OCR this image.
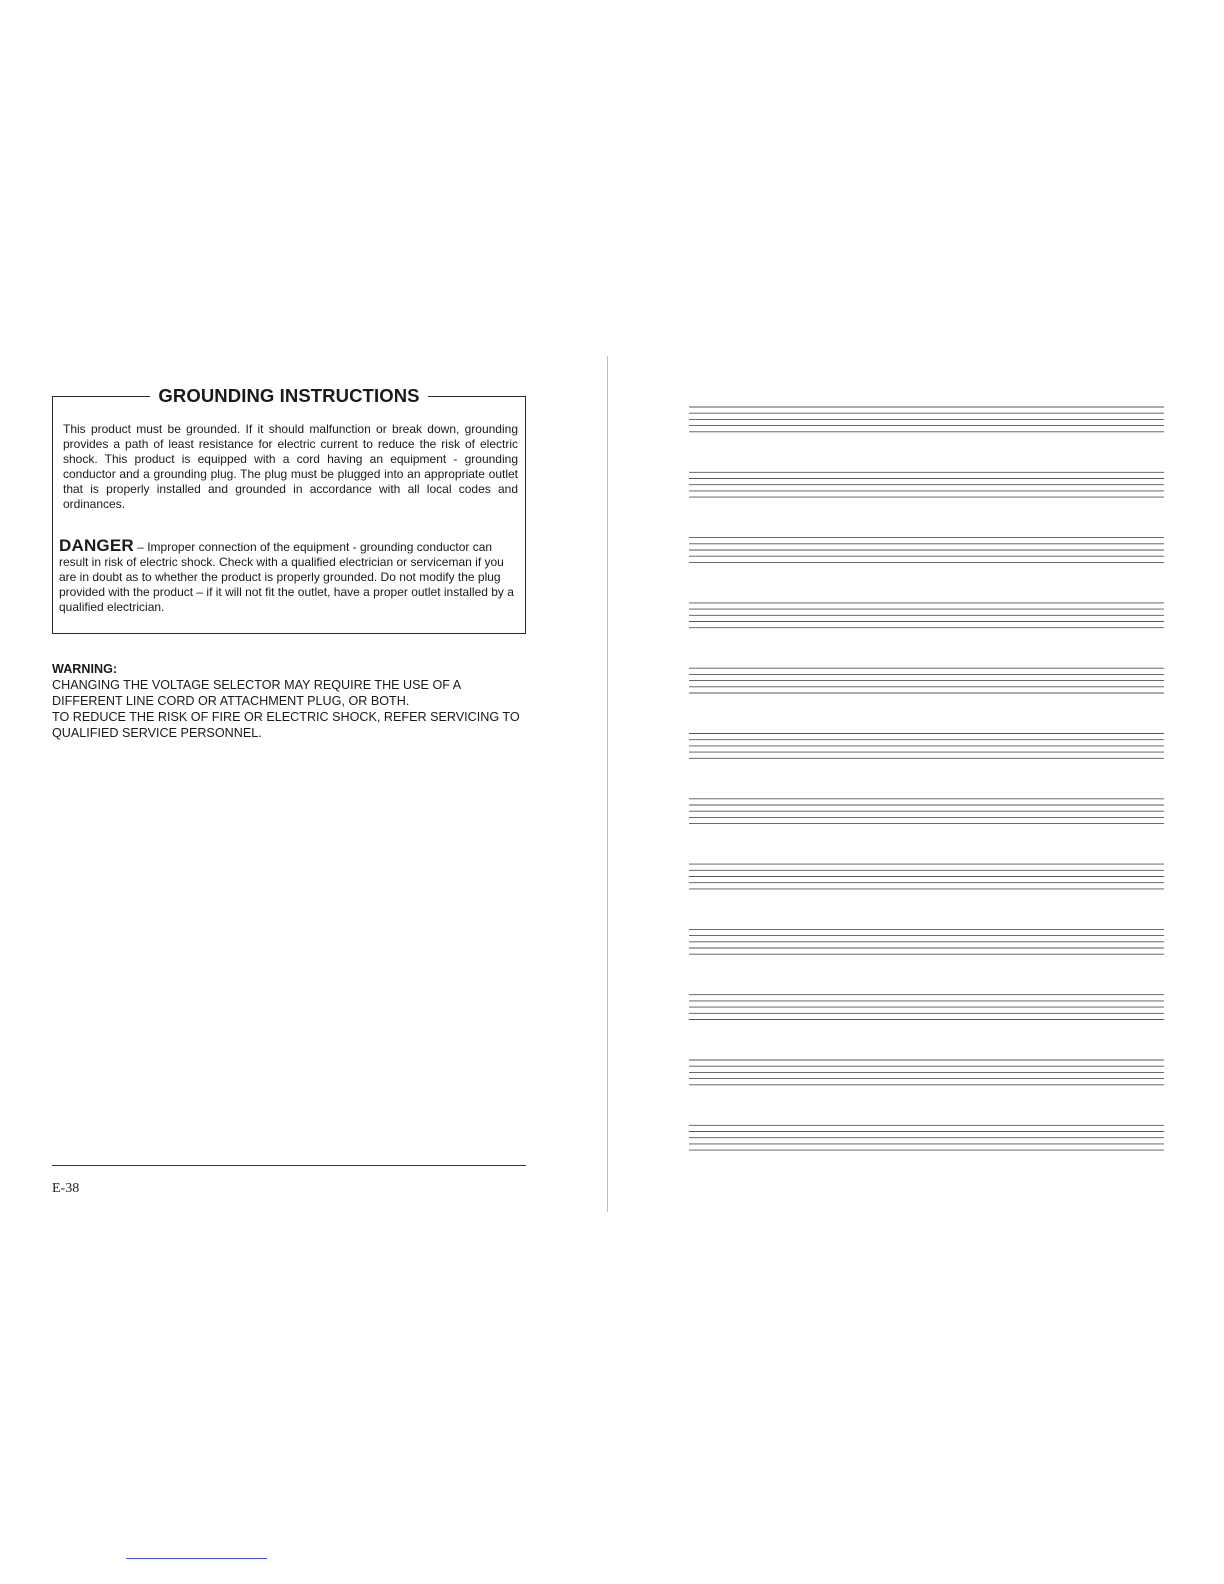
GROUNDING INSTRUCTIONS

This product must be grounded. If it should malfunction or break down, grounding provides a path of least resistance for electric current to reduce the risk of electric shock. This product is equipped with a cord having an equipment - grounding conductor and a grounding plug. The plug must be plugged into an appropriate outlet that is properly installed and grounded in accordance with all local codes and ordinances.

DANGER – Improper connection of the equipment - grounding conductor can result in risk of electric shock. Check with a qualified electrician or serviceman if you are in doubt as to whether the product is properly grounded. Do not modify the plug provided with the product – if it will not fit the outlet, have a proper outlet installed by a qualified electrician.

WARNING:
CHANGING THE VOLTAGE SELECTOR MAY REQUIRE THE USE OF A DIFFERENT LINE CORD OR ATTACHMENT PLUG, OR BOTH.
TO REDUCE THE RISK OF FIRE OR ELECTRIC SHOCK, REFER SERVICING TO QUALIFIED SERVICE PERSONNEL.
E-38
